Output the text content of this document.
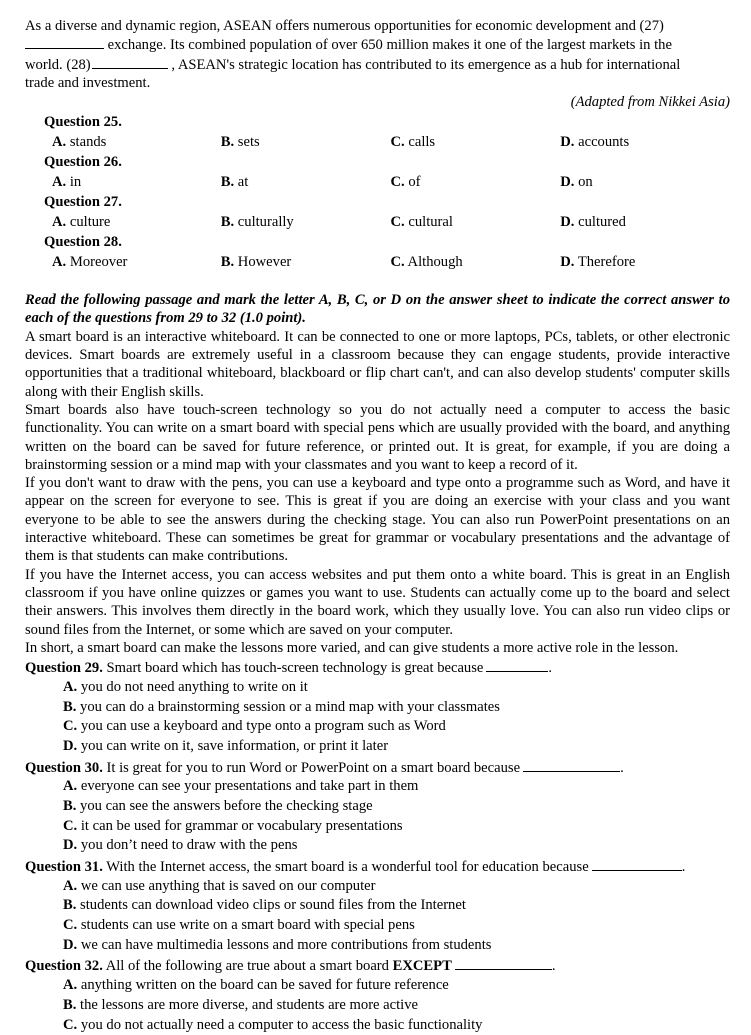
As a diverse and dynamic region, ASEAN offers numerous opportunities for economic development and (27)

exchange. Its combined population of over 650 million makes it one of the largest markets in the

world. (28)	, ASEAN's strategic location has contributed to its emergence as a hub for international

trade and investment.

(Adapted from Nikkei Asia)

Question 25.
A. stands	B. sets	C. calls	D. accounts
Question 26.
A. in	B. at	C. of	D. on
Question 27.
A. culture	B. culturally	C. cultural	D. cultured
Question 28.
A. Moreover	B. However	C. Although	D. Therefore

Read the following passage and mark the letter A, B, C, or D on the answer sheet to indicate the correct answer to each of the questions from 29 to 32 (1.0 point).

A smart board is an interactive whiteboard. It can be connected to one or more laptops, PCs, tablets, or other electronic devices. Smart boards are extremely useful in a classroom because they can engage students, provide interactive opportunities that a traditional whiteboard, blackboard or flip chart can't, and can also develop students' computer skills along with their English skills.

Smart boards also have touch-screen technology so you do not actually need a computer to access the basic functionality. You can write on a smart board with special pens which are usually provided with the board, and anything written on the board can be saved for future reference, or printed out. It is great, for example, if you are doing a brainstorming session or a mind map with your classmates and you want to keep a record of it.

If you don't want to draw with the pens, you can use a keyboard and type onto a programme such as Word, and have it appear on the screen for everyone to see. This is great if you are doing an exercise with your class and you want everyone to be able to see the answers during the checking stage. You can also run PowerPoint presentations on an interactive whiteboard. These can sometimes be great for grammar or vocabulary presentations and the advantage of them is that students can make contributions.

If you have the Internet access, you can access websites and put them onto a white board. This is great in an English classroom if you have online quizzes or games you want to use. Students can actually come up to the board and select their answers. This involves them directly in the board work, which they usually love. You can also run video clips or sound files from the Internet, or some which are saved on your computer.

In short, a smart board can make the lessons more varied, and can give students a more active role in the lesson.

Question 29. Smart board which has touch-screen technology is great because	.
A. you do not need anything to write on it
B. you can do a brainstorming session or a mind map with your classmates
C. you can use a keyboard and type onto a program such as Word
D. you can write on it, save information, or print it later
Question 30. It is great for you to run Word or PowerPoint on a smart board because	.
A. everyone can see your presentations and take part in them
B. you can see the answers before the checking stage
C. it can be used for grammar or vocabulary presentations
D. you don’t need to draw with the pens
Question 31. With the Internet access, the smart board is a wonderful tool for education because	.
A. we can use anything that is saved on our computer
B. students can download video clips or sound files from the Internet
C. students can use write on a smart board with special pens
D. we can have multimedia lessons and more contributions from students
Question 32. All of the following are true about a smart board EXCEPT	.
A. anything written on the board can be saved for future reference
B. the lessons are more diverse, and students are more active
C. you do not actually need a computer to access the basic functionality
